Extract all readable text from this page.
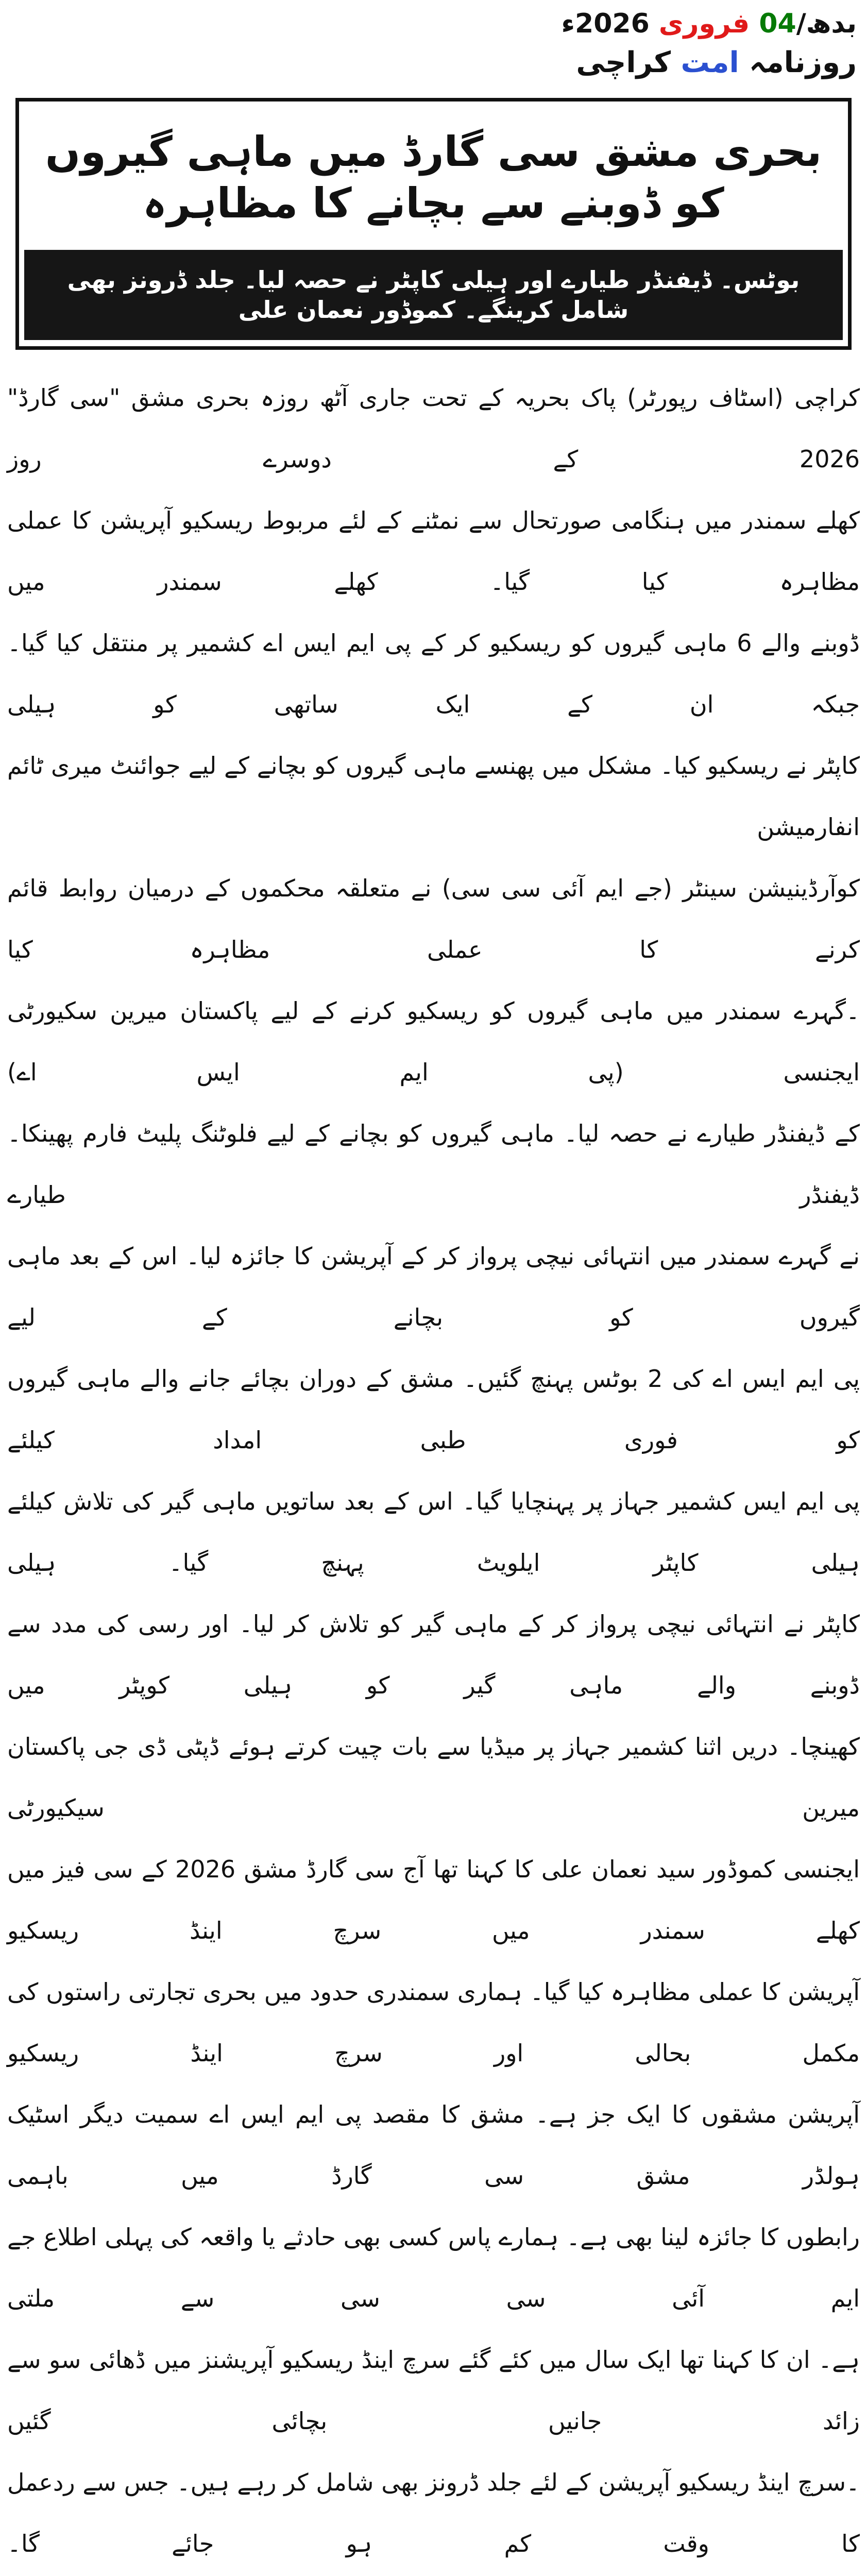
بدھ/04 فروری 2026ء
روزنامہ امت کراچی
بحری مشق سی گارڈ میں ماہی گیروں کو ڈوبنے سے بچانے کا مظاہرہ
بوٹس۔ ڈیفنڈر طیارے اور ہیلی کاپٹر نے حصہ لیا۔ جلد ڈرونز بھی شامل کرینگے۔ کموڈور نعمان علی
کراچی (اسٹاف رپورٹر) پاک بحریہ کے تحت جاری آٹھ روزہ بحری مشق "سی گارڈ" 2026 کے دوسرے روز
کھلے سمندر میں ہنگامی صورتحال سے نمٹنے کے لئے مربوط ریسکیو آپریشن کا عملی مظاہرہ کیا گیا۔ کھلے سمندر میں
ڈوبنے والے 6 ماہی گیروں کو ریسکیو کر کے پی ایم ایس اے کشمیر پر منتقل کیا گیا۔ جبکہ ان کے ایک ساتھی کو ہیلی
کاپٹر نے ریسکیو کیا۔ مشکل میں پھنسے ماہی گیروں کو بچانے کے لیے جوائنٹ میری ٹائم انفارمیشن
کوآرڈینیشن سینٹر (جے ایم آئی سی سی) نے متعلقہ محکموں کے درمیان روابط قائم کرنے کا عملی مظاہرہ کیا
۔گہرے سمندر میں ماہی گیروں کو ریسکیو کرنے کے لیے پاکستان میرین سکیورٹی ایجنسی (پی ایم ایس اے)
کے ڈیفنڈر طیارے نے حصہ لیا۔ ماہی گیروں کو بچانے کے لیے فلوٹنگ پلیٹ فارم پھینکا۔ ڈیفنڈر طیارے
نے گہرے سمندر میں انتہائی نیچی پرواز کر کے آپریشن کا جائزہ لیا۔ اس کے بعد ماہی گیروں کو بچانے کے لیے
پی ایم ایس اے کی 2 بوٹس پہنچ گئیں۔ مشق کے دوران بچائے جانے والے ماہی گیروں کو فوری طبی امداد کیلئے
پی ایم ایس کشمیر جہاز پر پہنچایا گیا۔ اس کے بعد ساتویں ماہی گیر کی تلاش کیلئے ہیلی کاپٹر ایلویٹ پہنچ گیا۔ ہیلی
کاپٹر نے انتہائی نیچی پرواز کر کے ماہی گیر کو تلاش کر لیا۔ اور رسی کی مدد سے ڈوبنے والے ماہی گیر کو ہیلی کوپٹر میں
کھینچا۔ دریں اثنا کشمیر جہاز پر میڈیا سے بات چیت کرتے ہوئے ڈپٹی ڈی جی پاکستان میرین سیکیورٹی
ایجنسی کموڈور سید نعمان علی کا کہنا تھا آج سی گارڈ مشق 2026 کے سی فیز میں کھلے سمندر میں سرچ اینڈ ریسکیو
آپریشن کا عملی مظاہرہ کیا گیا۔ ہماری سمندری حدود میں بحری تجارتی راستوں کی مکمل بحالی اور سرچ اینڈ ریسکیو
آپریشن مشقوں کا ایک جز ہے۔ مشق کا مقصد پی ایم ایس اے سمیت دیگر اسٹیک ہولڈر مشق سی گارڈ میں باہمی
رابطوں کا جائزہ لینا بھی ہے۔ ہمارے پاس کسی بھی حادثے یا واقعہ کی پہلی اطلاع جے ایم آئی سی سی سے ملتی
ہے۔ ان کا کہنا تھا ایک سال میں کئے گئے سرچ اینڈ ریسکیو آپریشنز میں ڈھائی سو سے زائد جانیں بچائی گئیں
۔سرچ اینڈ ریسکیو آپریشن کے لئے جلد ڈرونز بھی شامل کر رہے ہیں۔ جس سے ردعمل کا وقت کم ہو جائے گا۔
